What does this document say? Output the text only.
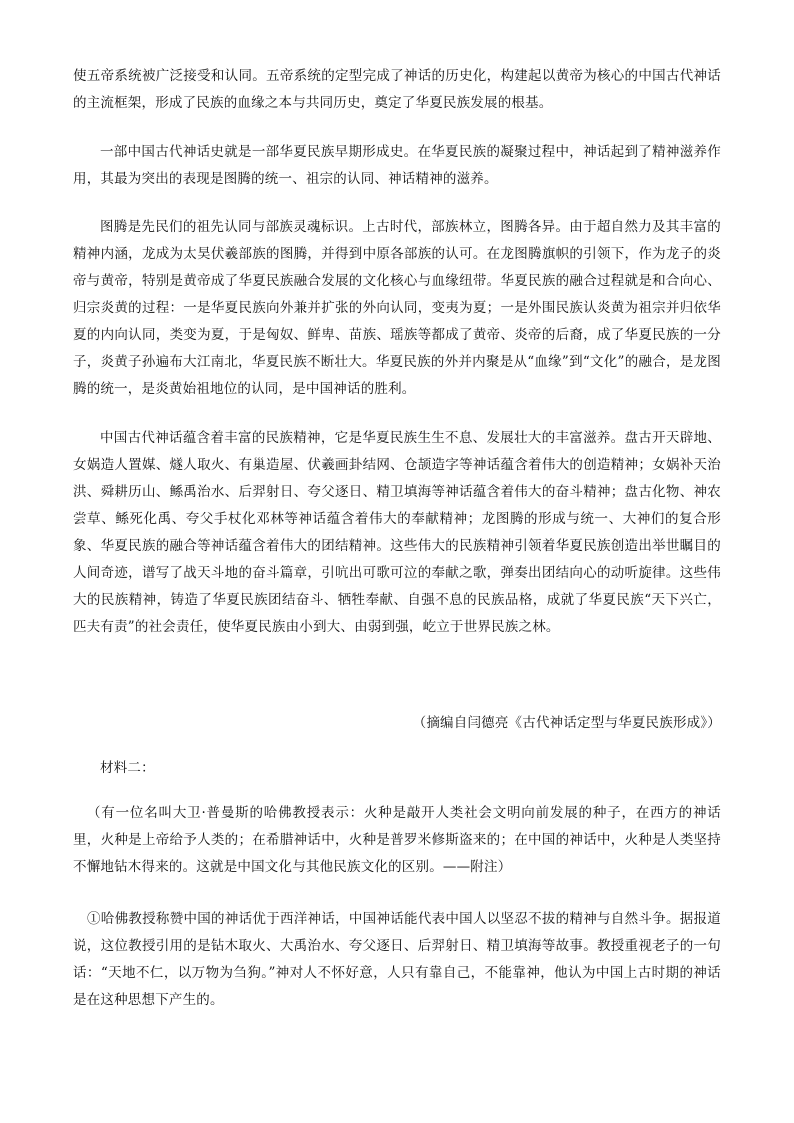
使五帝系统被广泛接受和认同。五帝系统的定型完成了神话的历史化，构建起以黄帝为核心的中国古代神话的主流框架，形成了民族的血缘之本与共同历史，奠定了华夏民族发展的根基。

一部中国古代神话史就是一部华夏民族早期形成史。在华夏民族的凝聚过程中，神话起到了精神滋养作用，其最为突出的表现是图腾的统一、祖宗的认同、神话精神的滋养。

图腾是先民们的祖先认同与部族灵魂标识。上古时代，部族林立，图腾各异。由于超自然力及其丰富的精神内涵，龙成为太昊伏羲部族的图腾，并得到中原各部族的认可。在龙图腾旗帜的引领下，作为龙子的炎帝与黄帝，特别是黄帝成了华夏民族融合发展的文化核心与血缘纽带。华夏民族的融合过程就是和合向心、归宗炎黄的过程：一是华夏民族向外兼并扩张的外向认同，变夷为夏；一是外围民族认炎黄为祖宗并归依华夏的内向认同，类变为夏，于是匈奴、鲜卑、苗族、瑶族等都成了黄帝、炎帝的后裔，成了华夏民族的一分子，炎黄子孙遍布大江南北，华夏民族不断壮大。华夏民族的外并内聚是从“血缘”到“文化”的融合，是龙图腾的统一，是炎黄始祖地位的认同，是中国神话的胜利。

中国古代神话蕴含着丰富的民族精神，它是华夏民族生生不息、发展壮大的丰富滋养。盘古开天辟地、女娲造人置媒、燧人取火、有巢造屋、伏羲画卦结网、仓颉造字等神话蕴含着伟大的创造精神；女娲补天治洪、舜耕历山、鲧禹治水、后羿射日、夸父逐日、精卫填海等神话蕴含着伟大的奋斗精神；盘古化物、神农尝草、鲧死化禹、夸父手杖化邓林等神话蕴含着伟大的奉献精神；龙图腾的形成与统一、大神们的复合形象、华夏民族的融合等神话蕴含着伟大的团结精神。这些伟大的民族精神引领着华夏民族创造出举世瞩目的人间奇迹，谱写了战天斗地的奋斗篇章，引吭出可歌可泣的奉献之歌，弹奏出团结向心的动听旋律。这些伟大的民族精神，铸造了华夏民族团结奋斗、牺牲奉献、自强不息的民族品格，成就了华夏民族“天下兴亡，匹夫有责”的社会责任，使华夏民族由小到大、由弱到强，屹立于世界民族之林。

（摘编自闫德亮《古代神话定型与华夏民族形成》）

材料二：

（有一位名叫大卫·普曼斯的哈佛教授表示：火种是敲开人类社会文明向前发展的种子，在西方的神话里，火种是上帝给予人类的；在希腊神话中，火种是普罗米修斯盗来的；在中国的神话中，火种是人类坚持不懈地钻木得来的。这就是中国文化与其他民族文化的区别。——附注）

①哈佛教授称赞中国的神话优于西洋神话，中国神话能代表中国人以坚忍不拔的精神与自然斗争。据报道说，这位教授引用的是钻木取火、大禹治水、夸父逐日、后羿射日、精卫填海等故事。教授重视老子的一句话：“天地不仁，以万物为刍狗。”神对人不怀好意，人只有靠自己，不能靠神，他认为中国上古时期的神话是在这种思想下产生的。
